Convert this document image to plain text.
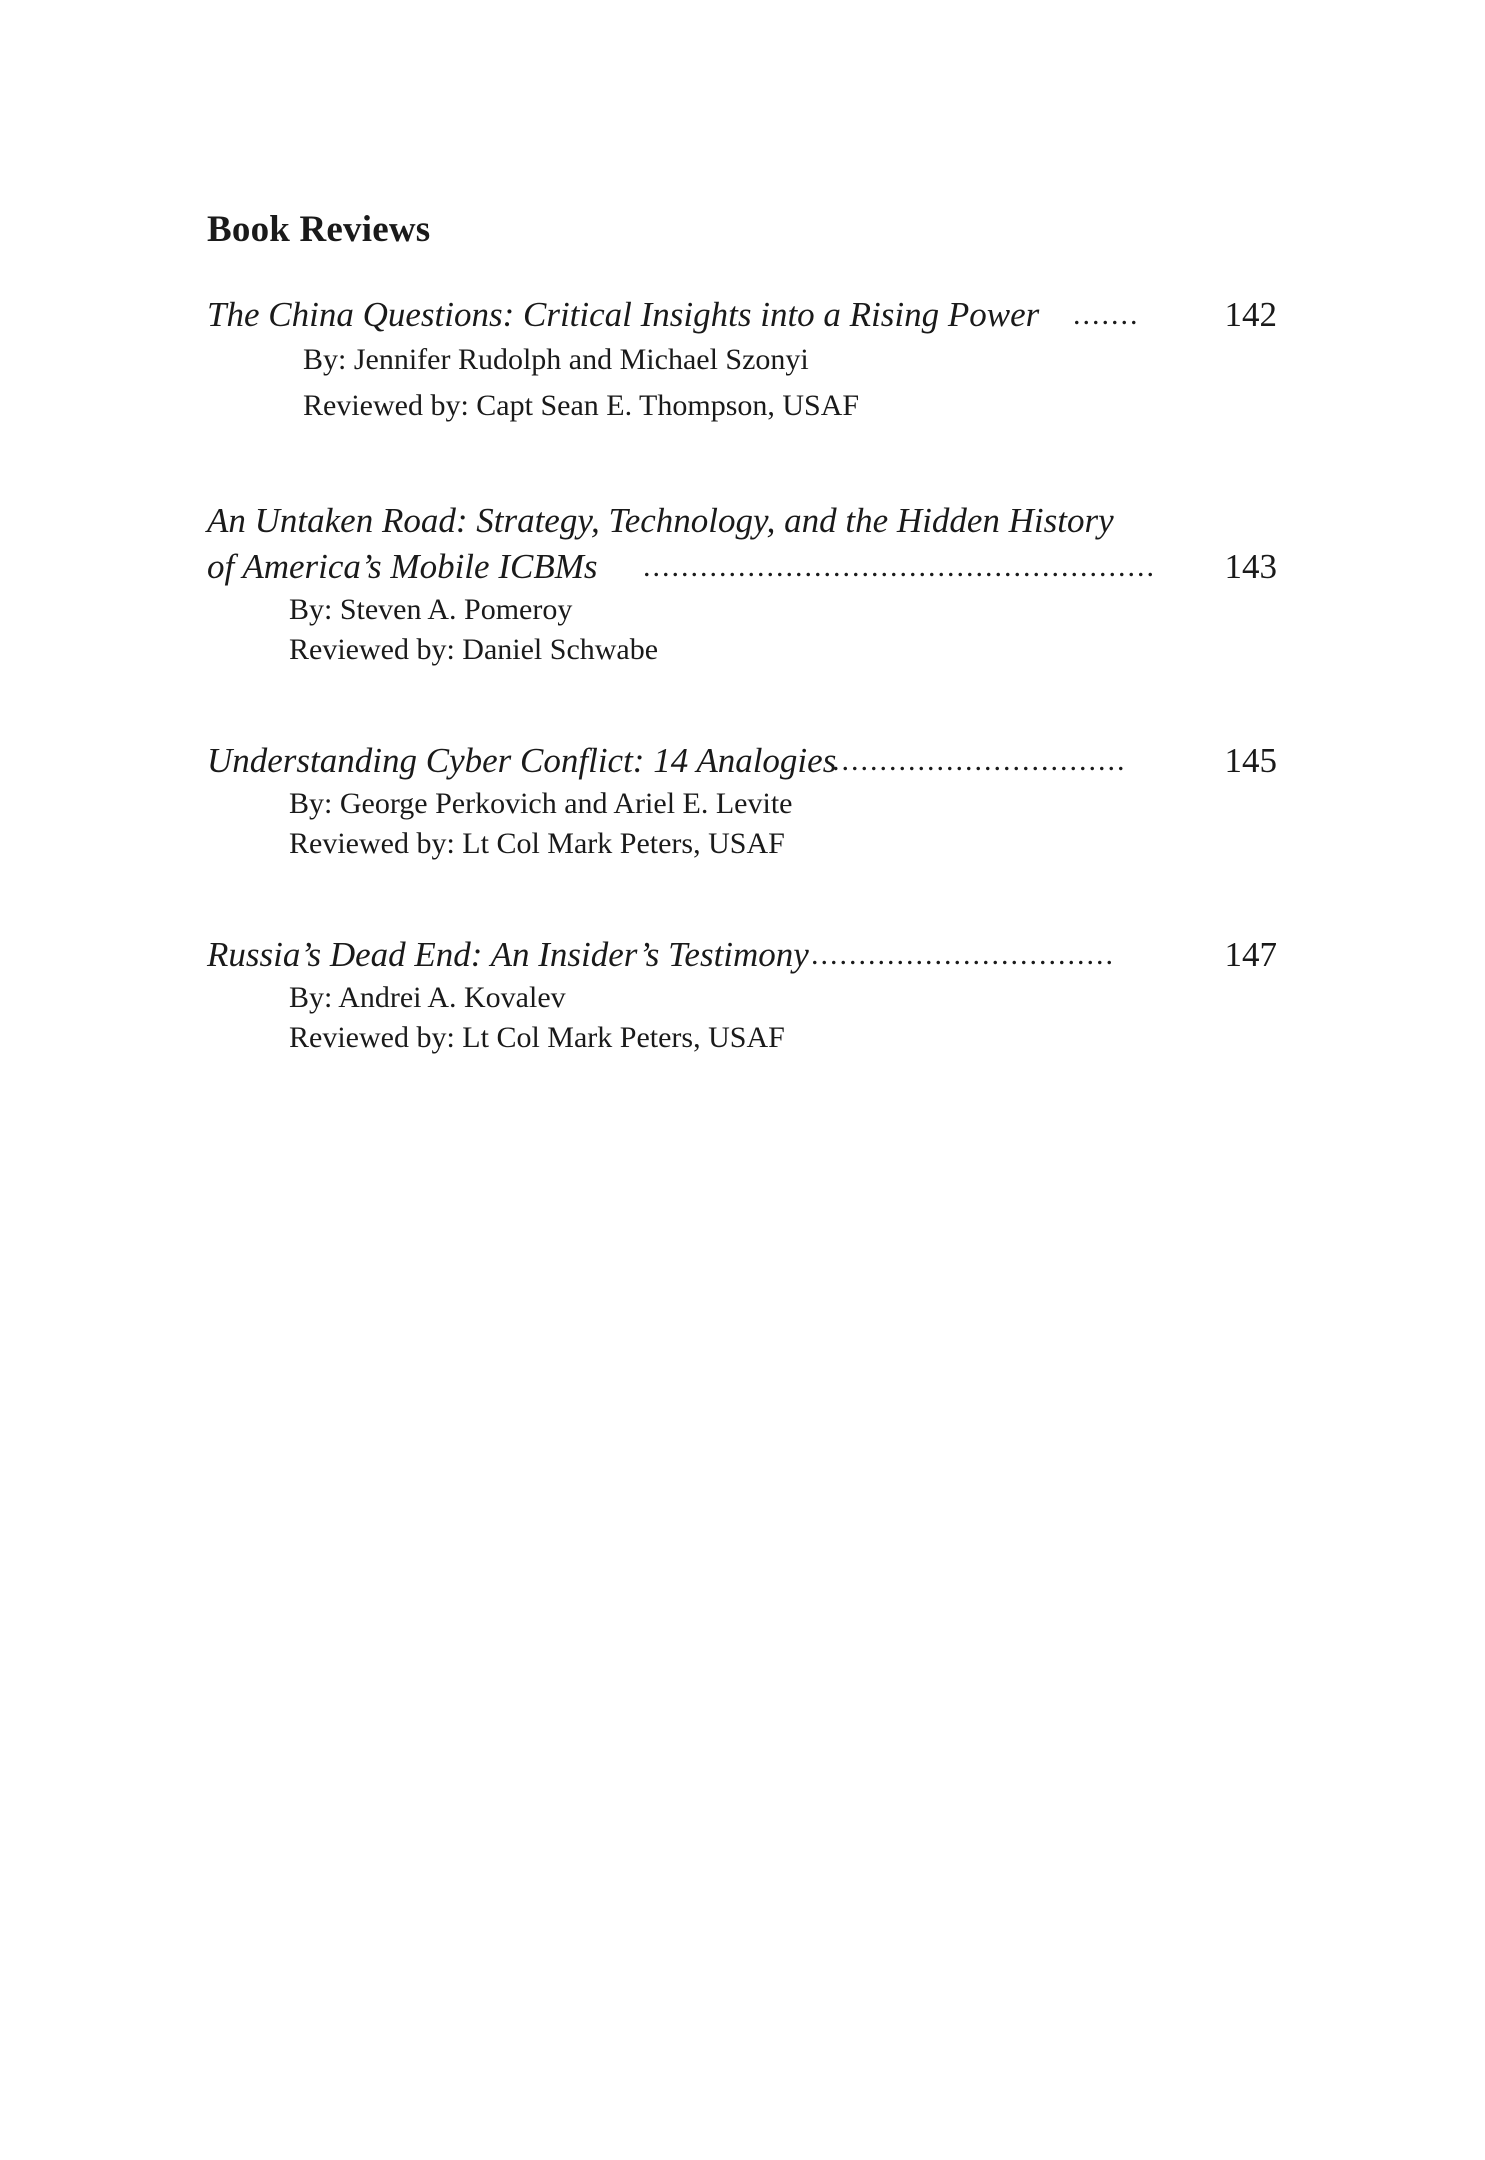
Book Reviews
The China Questions: Critical Insights into a Rising Power ....... 142
By: Jennifer Rudolph and Michael Szonyi
Reviewed by: Capt Sean E. Thompson, USAF
An Untaken Road: Strategy, Technology, and the Hidden History
of America’s Mobile ICBMs ...................................................... 143
By: Steven A. Pomeroy
Reviewed by: Daniel Schwabe
Understanding Cyber Conflict: 14 Analogies
...............................	145
By: George Perkovich and Ariel E. Levite
Reviewed by: Lt Col Mark Peters, USAF
Russia’s Dead End: An Insider’s Testimony ................................	147
By: Andrei A. Kovalev
Reviewed by: Lt Col Mark Peters, USAF
